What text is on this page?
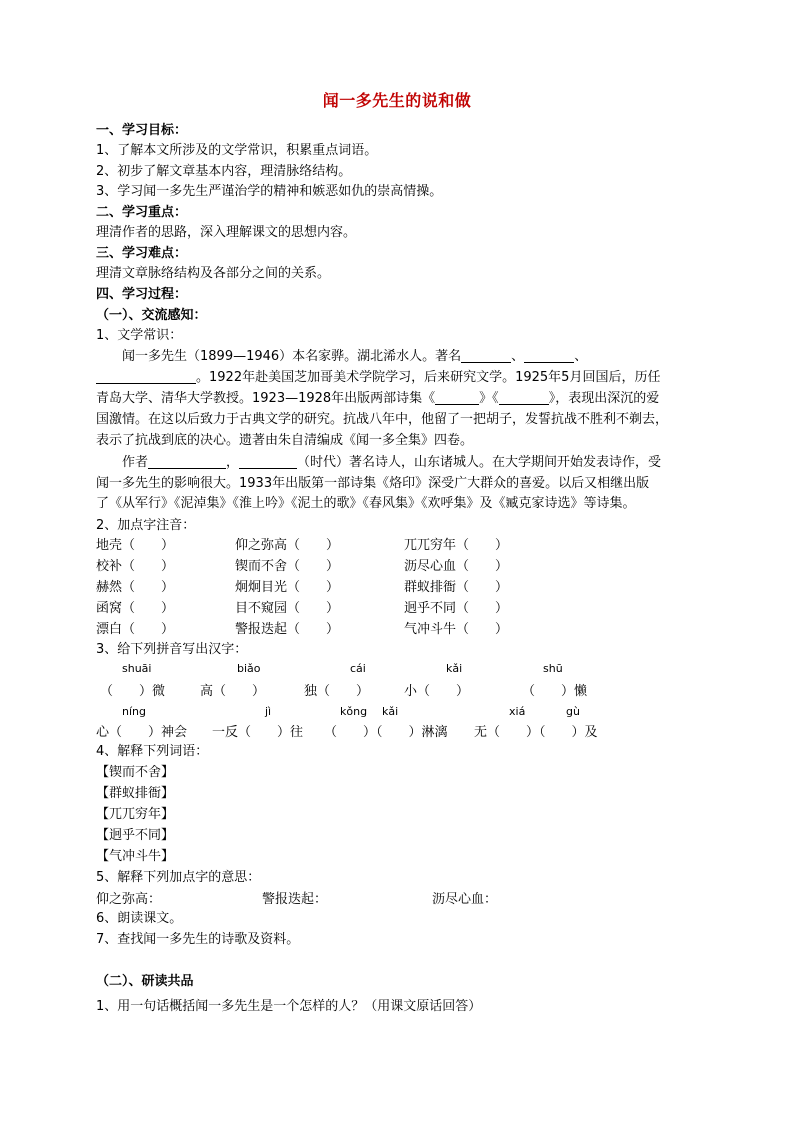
闻一多先生的说和做
一、学习目标：
1、了解本文所涉及的文学常识，积累重点词语。
2、初步了解文章基本内容，理清脉络结构。
3、学习闻一多先生严谨治学的精神和嫉恶如仇的崇高情操。
二、学习重点：
理清作者的思路，深入理解课文的思想内容。
三、学习难点：
理清文章脉络结构及各部分之间的关系。
四、学习过程：
（一）、交流感知：
1、文学常识：
闻一多先生（1899—1946）本名家骅。湖北浠水人。著名	、	、
。1922年赴美国芝加哥美术学院学习，后来研究文学。1925年5月回国后，历任
青岛大学、清华大学教授。1923—1928年出版两部诗集《	》《	》，表现出深沉的爱
国激情。在这以后致力于古典文学的研究。抗战八年中，他留了一把胡子，发誓抗战不胜利不剃去，
表示了抗战到底的决心。遗著由朱自清编成《闻一多全集》四卷。
作者	，	（时代）著名诗人，山东诸城人。在大学期间开始发表诗作，受
闻一多先生的影响很大。1933年出版第一部诗集《烙印》深受广大群众的喜爱。以后又相继出版
了《从军行》《泥淖集》《淮上吟》《泥土的歌》《春风集》《欢呼集》及《臧克家诗选》等诗集。
2、加点字注音：
地壳（　　）	仰之弥高（　　）	兀兀穷年（　　）
校补（　　）	锲而不舍（　　）	沥尽心血（　　）
赫然（　　）	炯炯目光（　　）	群蚁排衙（　　）
函窝（　　）	目不窥园（　　）	迥乎不同（　　）
漂白（　　）	警报迭起（　　）	气冲斗牛（　　）
3、给下列拼音写出汉字：
shuāi	biǎo	cái	kǎi	shū
（　　）微	高（　　）	独（　　）	小（　　）	（　　）懒
níng	jì	kǒng kǎi	xiá	gù
心（　　）神会 一反（　　）往 （　　）（　　）淋漓 无（　　）（　　）及
4、解释下列词语：
【锲而不舍】
【群蚁排衙】
【兀兀穷年】
【迥乎不同】
【气冲斗牛】
5、解释下列加点字的意思：
仰之弥高：	警报迭起：	沥尽心血：
6、朗读课文。
7、查找闻一多先生的诗歌及资料。
（二）、研读共品
1、用一句话概括闻一多先生是一个怎样的人？（用课文原话回答）
